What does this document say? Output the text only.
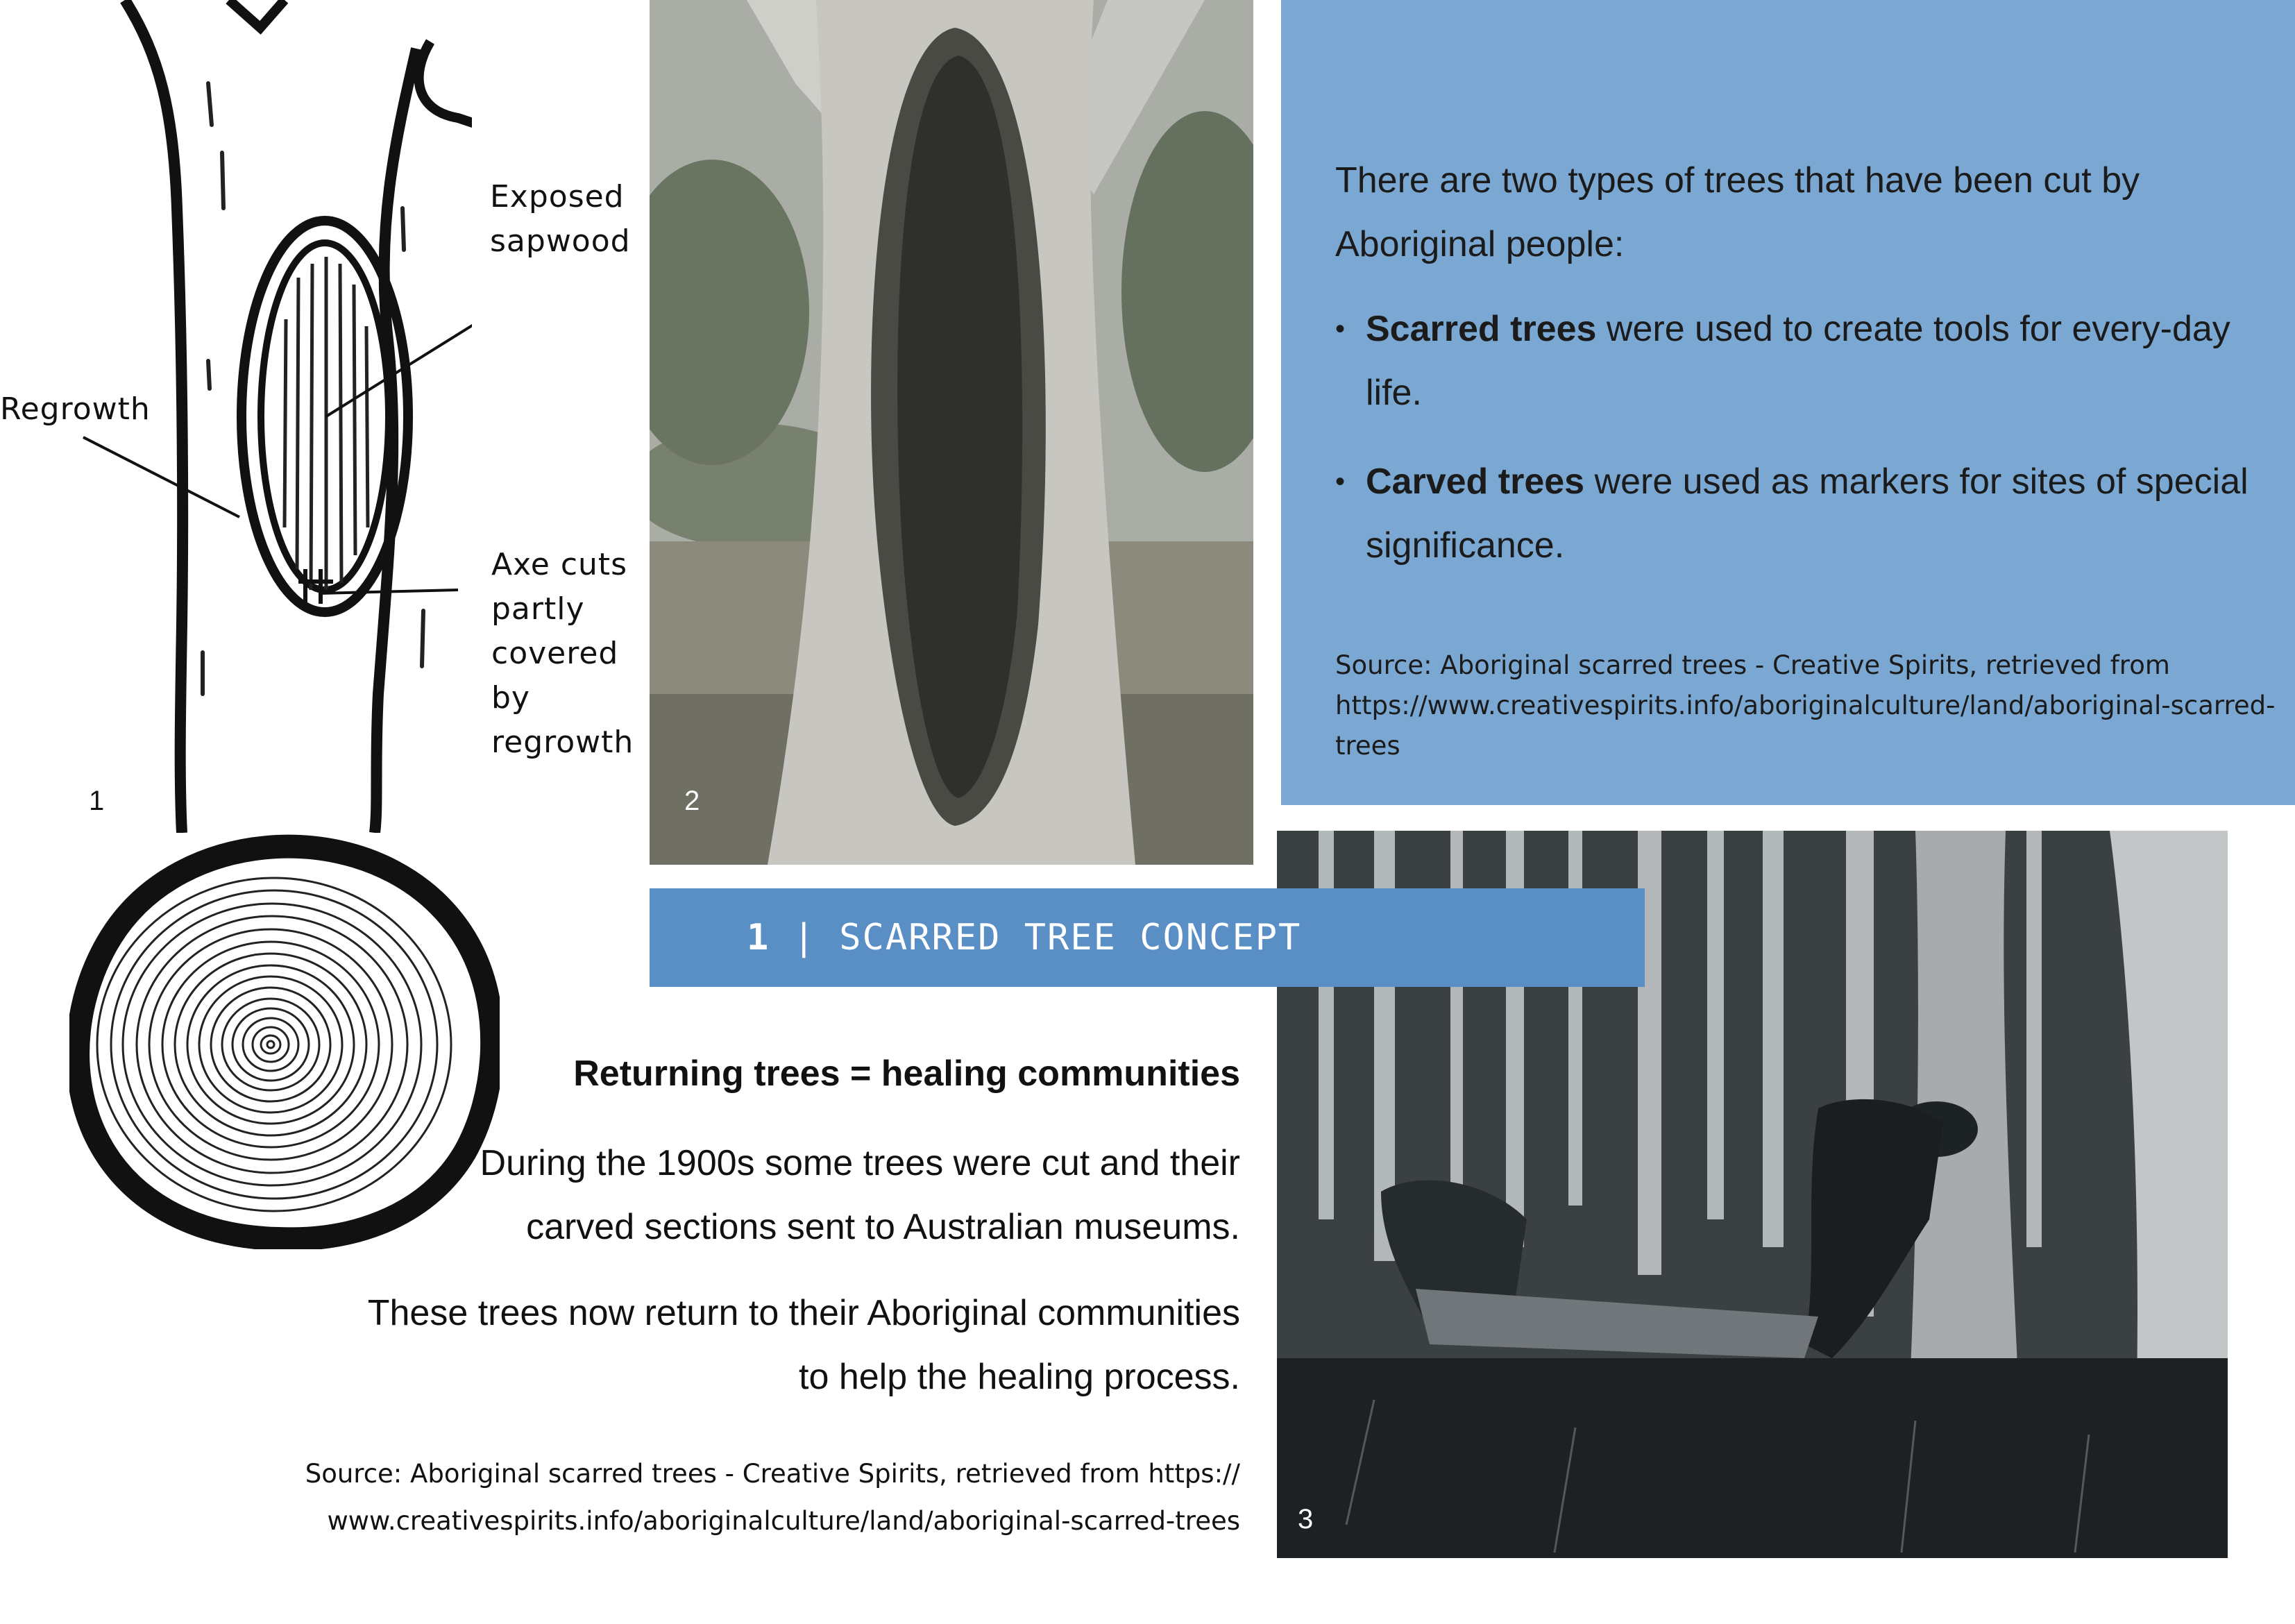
Exposed
sapwood
Regrowth
Axe cuts
partly
covered
by
regrowth
1	2
There are two types of trees that have been cut by Aboriginal people:
• Scarred trees were used to create tools for every-day life.
• Carved trees were used as markers for sites of special significance.
Source: Aboriginal scarred trees - Creative Spirits, retrieved from https://www.creativespirits.info/aboriginalculture/land/aboriginal-scarred-trees
3
1 | SCARRED TREE CONCEPT
Returning trees = healing communities
During the 1900s some trees were cut and their
carved sections sent to Australian museums.
These trees now return to their Aboriginal communities
to help the healing process.
Source: Aboriginal scarred trees - Creative Spirits, retrieved from https://
www.creativespirits.info/aboriginalculture/land/aboriginal-scarred-trees
